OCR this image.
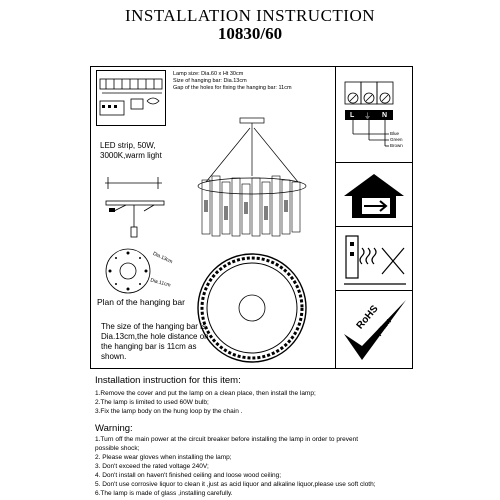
INSTALLATION INSTRUCTION
10830/60
Lamp size: Dia.60 x Ht 30cm
Size of hanging bar: Dia.13cm
Gap of the holes for fixing the hanging bar: 11cm
LED strip, 50W,
3000K,warm light
Dia.13cm
Dia.11cm
Plan of the hanging bar
The size of the hanging bar is Dia.13cm,the hole distance on the hanging bar is 11cm as shown.
L ⏚ N
Blue
Green
Brown
RoHS
Compliant
Installation instruction for this item:
1.Remove the cover and put the lamp on a clean place, then install the lamp;
2.The lamp is limited to used 60W bulb;
3.Fix the lamp body on the hung loop by the chain .
Warning:
1.Turn off the main power at the circuit breaker before installing the lamp in order to prevent
possible shock;
2. Please wear gloves when installing the lamp;
3. Don't exceed the rated voltage 240V;
4. Don't install on haven't finished ceiling and loose wood ceiling;
5. Don't use corrosive liquor to clean it ,just as acid liquor and alkaline liquor,please use soft cloth;
6.The lamp is made of glass ,installing carefully.
